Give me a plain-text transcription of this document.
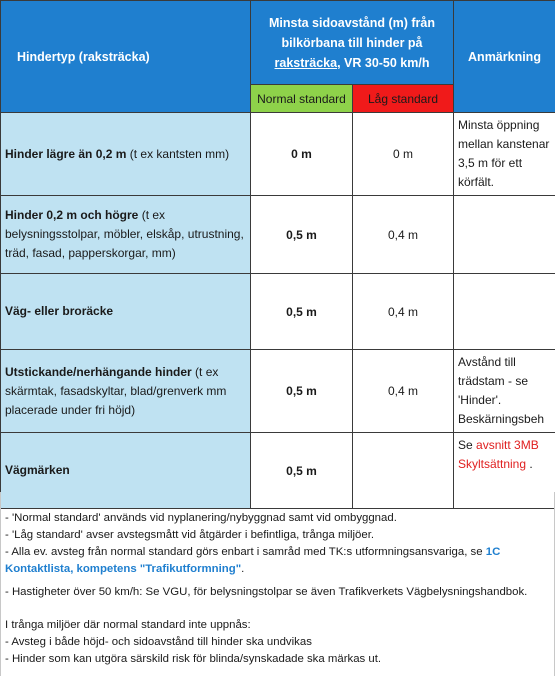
Hindertyp (raksträcka)	Minsta sidoavstånd (m) från
bilkörbana till hinder på
raksträcka, VR 30-50 km/h		Anmärkning
	Normal standard	Låg standard	
Hinder lägre än 0,2 m (t ex kantsten mm)	0 m	0 m	Minsta öppning mellan kanstenar 3,5 m för ett körfält.
Hinder 0,2 m och högre (t ex belysningsstolpar, möbler, elskåp, utrustning, träd, fasad, papperskorgar, mm)	0,5 m	0,4 m	
Väg- eller broräcke	0,5 m	0,4 m	
Utstickande/nerhängande hinder (t ex skärmtak, fasadskyltar, blad/grenverk mm placerade under fri höjd)	0,5 m	0,4 m	Avstånd till trädstam - se 'Hinder'. Beskärningsbeh
Vägmärken	0,5 m		Se avsnitt 3MB Skyltsättning .

- 'Normal standard' används vid nyplanering/nybyggnad samt vid ombyggnad.

- 'Låg standard' avser avstegsmått vid åtgärder i befintliga, trånga miljöer.

- Alla ev. avsteg från normal standard görs enbart i samråd med TK:s utformningsansvariga, se 1C Kontaktlista, kompetens "Trafikutformning".

- Hastigheter över 50 km/h: Se VGU, för belysningstolpar se även Trafikverkets Vägbelysningshandbok.

I trånga miljöer där normal standard inte uppnås:

- Avsteg i både höjd- och sidoavstånd till hinder ska undvikas

- Hinder som kan utgöra särskild risk för blinda/synskadade ska märkas ut.
